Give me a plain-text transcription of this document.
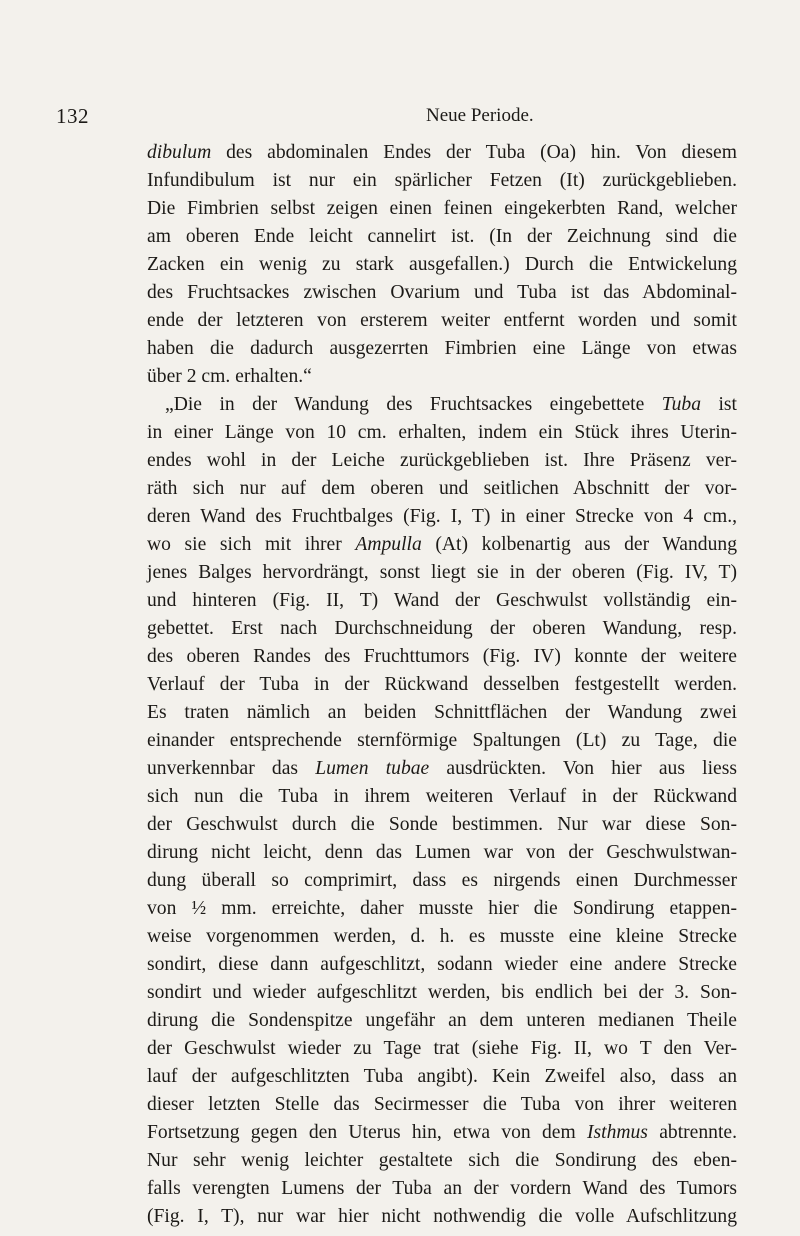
132	Neue Periode.
dibulum des abdominalen Endes der Tuba (Oa) hin. Von diesem
Infundibulum ist nur ein spärlicher Fetzen (It) zurückgeblieben.
Die Fimbrien selbst zeigen einen feinen eingekerbten Rand, welcher
am oberen Ende leicht cannelirt ist. (In der Zeichnung sind die
Zacken ein wenig zu stark ausgefallen.) Durch die Entwickelung
des Fruchtsackes zwischen Ovarium und Tuba ist das Abdominal-
ende der letzteren von ersterem weiter entfernt worden und somit
haben die dadurch ausgezerrten Fimbrien eine Länge von etwas
über 2 cm. erhalten.“
„Die in der Wandung des Fruchtsackes eingebettete Tuba ist
in einer Länge von 10 cm. erhalten, indem ein Stück ihres Uterin-
endes wohl in der Leiche zurückgeblieben ist. Ihre Präsenz ver-
räth sich nur auf dem oberen und seitlichen Abschnitt der vor-
deren Wand des Fruchtbalges (Fig. I, T) in einer Strecke von 4 cm.,
wo sie sich mit ihrer Ampulla (At) kolbenartig aus der Wandung
jenes Balges hervordrängt, sonst liegt sie in der oberen (Fig. IV, T)
und hinteren (Fig. II, T) Wand der Geschwulst vollständig ein-
gebettet. Erst nach Durchschneidung der oberen Wandung, resp.
des oberen Randes des Fruchttumors (Fig. IV) konnte der weitere
Verlauf der Tuba in der Rückwand desselben festgestellt werden.
Es traten nämlich an beiden Schnittflächen der Wandung zwei
einander entsprechende sternförmige Spaltungen (Lt) zu Tage, die
unverkennbar das Lumen tubae ausdrückten. Von hier aus liess
sich nun die Tuba in ihrem weiteren Verlauf in der Rückwand
der Geschwulst durch die Sonde bestimmen. Nur war diese Son-
dirung nicht leicht, denn das Lumen war von der Geschwulstwan-
dung überall so comprimirt, dass es nirgends einen Durchmesser
von ½ mm. erreichte, daher musste hier die Sondirung etappen-
weise vorgenommen werden, d. h. es musste eine kleine Strecke
sondirt, diese dann aufgeschlitzt, sodann wieder eine andere Strecke
sondirt und wieder aufgeschlitzt werden, bis endlich bei der 3. Son-
dirung die Sondenspitze ungefähr an dem unteren medianen Theile
der Geschwulst wieder zu Tage trat (siehe Fig. II, wo T den Ver-
lauf der aufgeschlitzten Tuba angibt). Kein Zweifel also, dass an
dieser letzten Stelle das Secirmesser die Tuba von ihrer weiteren
Fortsetzung gegen den Uterus hin, etwa von dem Isthmus abtrennte.
Nur sehr wenig leichter gestaltete sich die Sondirung des eben-
falls verengten Lumens der Tuba an der vordern Wand des Tumors
(Fig. I, T), nur war hier nicht nothwendig die volle Aufschlitzung
